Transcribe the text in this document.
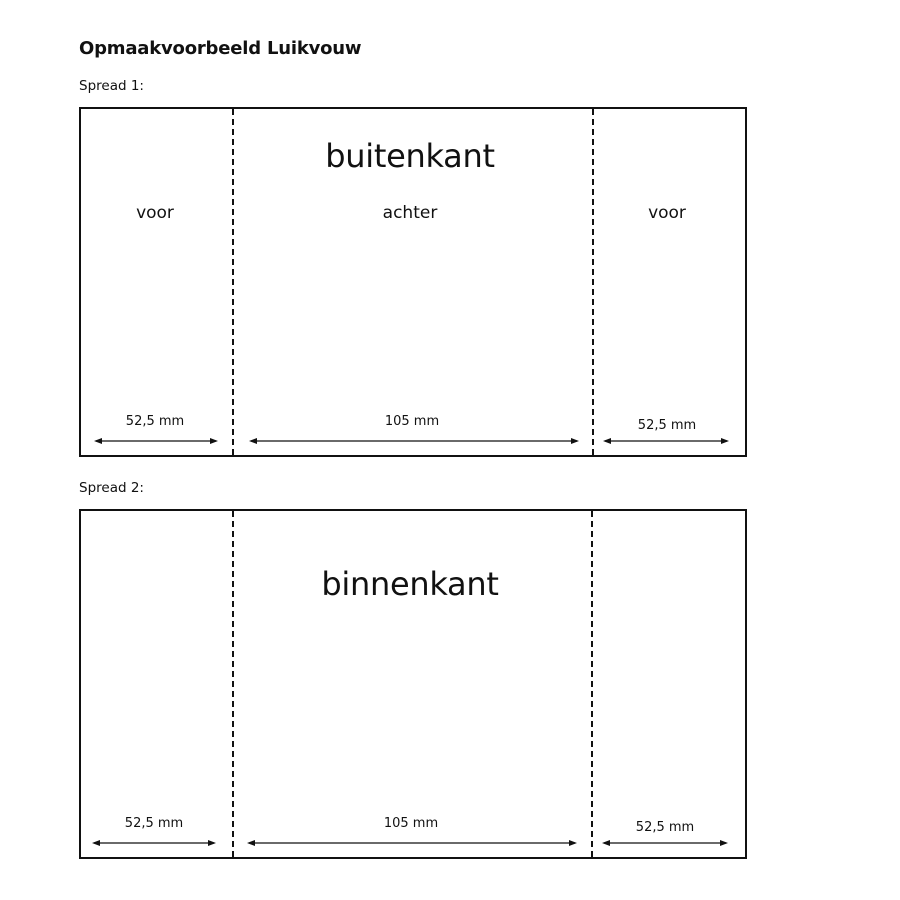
Opmaakvoorbeeld Luikvouw
Spread 1:
buitenkant
voor	achter	voor
52,5 mm	105 mm	52,5 mm
Spread 2:
binnenkant
52,5 mm	105 mm	52,5 mm
